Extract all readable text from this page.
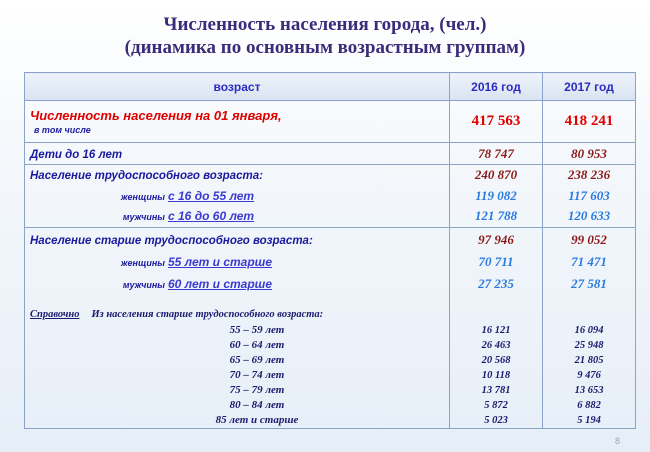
Численность населения города, (чел.)
(динамика по основным возрастным группам)
возраст	2016 год	2017 год

Численность населения на 01 января,
в том числе	417 563	418 241
Дети до 16 лет	78 747	80 953
Население трудоспособного возраста:	240 870	238 236
женщины с 16 до 55 лет	119 082	117 603
мужчины с 16 до 60 лет	121 788	120 633
Население старше трудоспособного возраста:	97 946	99 052
женщины 55 лет и старше	70 711	71 471
мужчины 60 лет и старше	27 235	27 581

Справочно Из населения старше трудоспособного возраста:		
55 – 59 лет	16 121	16 094
60 – 64 лет	26 463	25 948
65 – 69 лет	20 568	21 805
70 – 74 лет	10 118	9 476
75 – 79 лет	13 781	13 653
80 – 84 лет	5 872	6 882
85 лет и старше	5 023	5 194
8
